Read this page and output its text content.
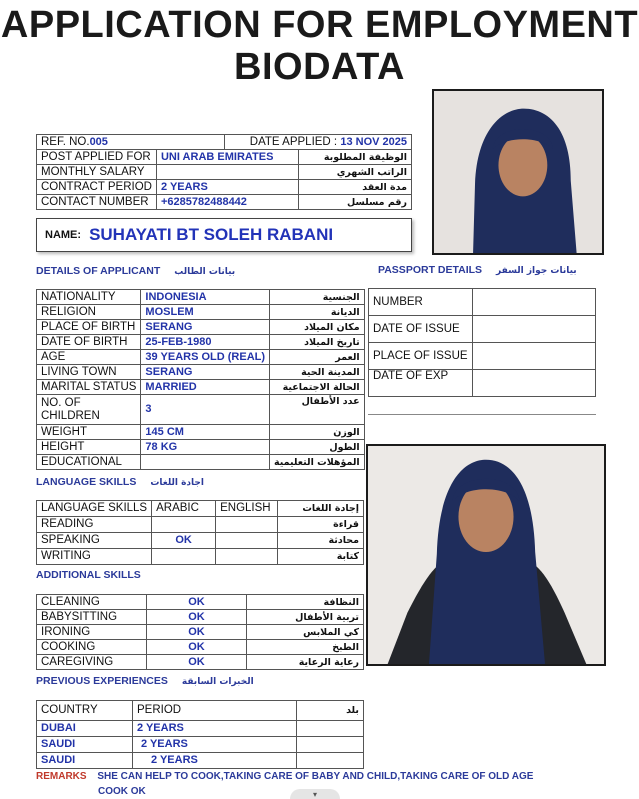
APPLICATION FOR EMPLOYMENT
BIODATA
REF. NO.005		DATE APPLIED : 13 NOV 2025	
POST APPLIED FOR	UNI ARAB EMIRATES		الوظيفة المطلوبة
MONTHLY SALARY			الراتب الشهري
CONTRACT PERIOD	2 YEARS		مدة العقد
CONTACT NUMBER	+6285782488442		رقم مسلسل
NAME: SUHAYATI BT SOLEH RABANI
DETAILS OF APPLICANT بيانات الطالب	PASSPORT DETAILS بيانات جواز السفر
NATIONALITY	INDONESIA	الجنسية
RELIGION	MOSLEM	الديانة
PLACE OF BIRTH	SERANG	مكان الميلاد
DATE OF BIRTH	25-FEB-1980	تاريخ الميلاد
AGE	39 YEARS OLD (REAL)	العمر
LIVING TOWN	SERANG	المدينة الحية
MARITAL STATUS	MARRIED	الحالة الاجتماعية
NO. OF CHILDREN	3	عدد الأطفال
WEIGHT	145 CM	الوزن
HEIGHT	78 KG	الطول
EDUCATIONAL		المؤهلات التعليمية
NUMBER	
DATE OF ISSUE	
PLACE OF ISSUE	
DATE OF EXP	
LANGUAGE SKILLS اجادة اللغات
LANGUAGE SKILLS	ARABIC	ENGLISH	إجادة اللغات
READING			قراءة
SPEAKING	OK		محادثة
WRITING			كتابة
ADDITIONAL SKILLS
CLEANING	OK	النظافة
BABYSITTING	OK	تربية الأطفال
IRONING	OK	كي الملابس
COOKING	OK	الطبخ
CAREGIVING	OK	رعاية الرعاية
PREVIOUS EXPERIENCES الخبرات السابقة
COUNTRY	PERIOD	بلد
DUBAI	2 YEARS	
SAUDI	2 YEARS	
SAUDI	2 YEARS	
REMARKS SHE CAN HELP TO COOK,TAKING CARE OF BABY AND CHILD,TAKING CARE OF OLD AGE
COOK OK	▾
